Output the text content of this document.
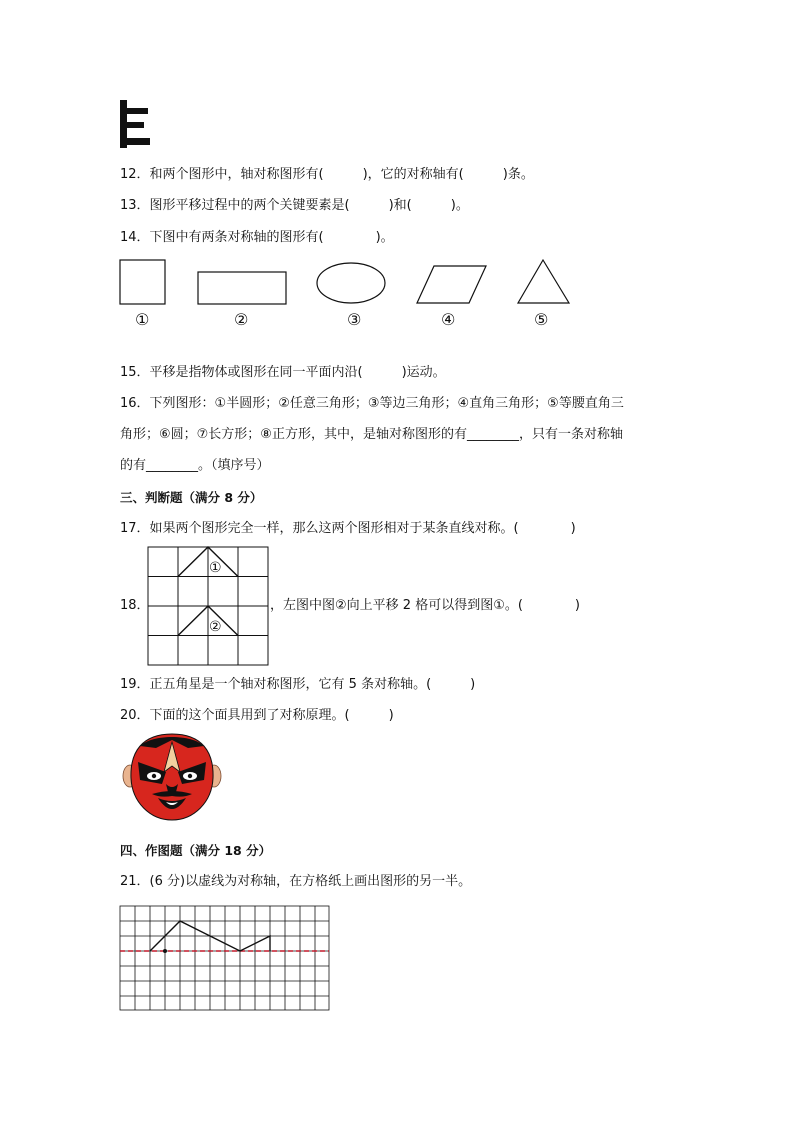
12．和两个图形中，轴对称图形有(　　　)，它的对称轴有(　　　)条。
13．图形平移过程中的两个关键要素是(　　　)和(　　　)。
14．下图中有两条对称轴的图形有(　　　　)。
①	②	③	④	⑤
15．平移是指物体或图形在同一平面内沿(　　　)运动。
16．下列图形：①半圆形；②任意三角形；③等边三角形；④直角三角形；⑤等腰直角三
角形；⑥圆；⑦长方形；⑧正方形，其中，是轴对称图形的有________，只有一条对称轴
的有________。（填序号）
三、判断题（满分 8 分）
17．如果两个图形完全一样，那么这两个图形相对于某条直线对称。(　　　　)
18．
①
②
，左图中图②向上平移 2 格可以得到图①。(　　　　)
19．正五角星是一个轴对称图形，它有 5 条对称轴。(　　　)
20．下面的这个面具用到了对称原理。(　　　)
四、作图题（满分 18 分）
21．(6 分)以虚线为对称轴，在方格纸上画出图形的另一半。
